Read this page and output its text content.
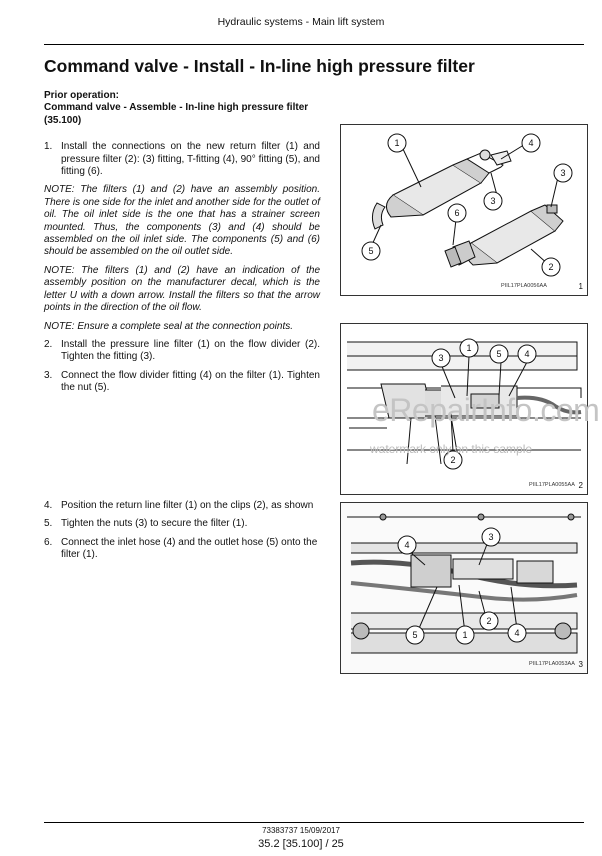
Hydraulic systems - Main lift system
Command valve - Install - In-line high pressure filter

Prior operation:

Command valve - Assemble - In-line high pressure filter (35.100)

1. Install the connections on the new return filter (1) and pressure filter (2): (3) fitting, T-fitting (4), 90° fitting (5), and fitting (6).

NOTE: The filters (1) and (2) have an assembly position. There is one side for the inlet and another side for the outlet of oil. The oil inlet side is the one that has a strainer screen mounted. Thus, the components (3) and (4) should be assembled on the oil inlet side. The components (5) and (6) should be assembled on the oil outlet side.

NOTE: The filters (1) and (2) have an indication of the assembly position on the manufacturer decal, which is the letter U with a down arrow. Install the filters so that the arrow points in the direction of the oil flow.

NOTE: Ensure a complete seal at the connection points.

2. Install the pressure line filter (1) on the flow divider (2). Tighten the fitting (3).
3. Connect the flow divider fitting (4) on the filter (1). Tighten the nut (5).
4. Position the return line filter (1) on the clips (2), as shown
5. Tighten the nuts (3) to secure the filter (1).
6. Connect the inlet hose (4) and the outlet hose (5) onto the filter (1).
1	4
3
3
6
5
2
PIIL17PLA0056AA	1
1
3	5	4
2
PIIL17PLA0055AA 2
4
3
2
1
5	4
PIIL17PLA0053AA 3
eRepairInfo.com
watermark only on this sample
73383737 15/09/2017
35.2 [35.100] / 25
